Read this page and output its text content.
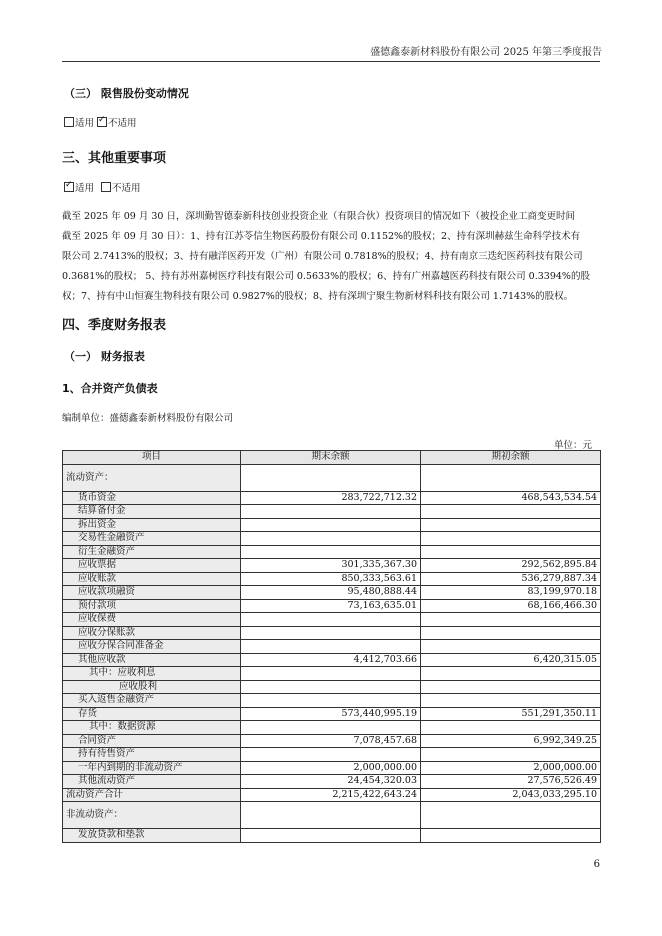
盛德鑫泰新材料股份有限公司 2025 年第三季度报告
（三） 限售股份变动情况
适用 ✓ 不适用
三、其他重要事项
✓
适用 不适用
截至 2025 年 09 月 30 日，深圳勤智德泰新科技创业投资企业（有限合伙）投资项目的情况如下（被投企业工商变更时间
截至 2025 年 09 月 30 日）：1、持有江苏苓信生物医药股份有限公司 0.1152%的股权；2、持有深圳赫兹生命科学技术有
限公司 2.7413%的股权；3、持有融洋医药开发（广州）有限公司 0.7818%的股权；4、持有南京三迭纪医药科技有限公司
0.3681%的股权； 5、持有苏州嘉树医疗科技有限公司 0.5633%的股权；6、持有广州嘉越医药科技有限公司 0.3394%的股
权；7、持有中山恒赛生物科技有限公司 0.9827%的股权；8、持有深圳宁聚生物新材料科技有限公司 1.7143%的股权。
四、季度财务报表
（一） 财务报表
1、合并资产负债表
编制单位：盛德鑫泰新材料股份有限公司
单位：元
项目	期末余额	期初余额
流动资产：		
货币资金	283,722,712.32	468,543,534.54
结算备付金		
拆出资金		
交易性金融资产		
衍生金融资产		
应收票据	301,335,367.30	292,562,895.84
应收账款	850,333,563.61	536,279,887.34
应收款项融资	95,480,888.44	83,199,970.18
预付款项	73,163,635.01	68,166,466.30
应收保费		
应收分保账款		
应收分保合同准备金		
其他应收款	4,412,703.66	6,420,315.05
其中：应收利息		
应收股利		
买入返售金融资产		
存货	573,440,995.19	551,291,350.11
其中：数据资源		
合同资产	7,078,457.68	6,992,349.25
持有待售资产		
一年内到期的非流动资产	2,000,000.00	2,000,000.00
其他流动资产	24,454,320.03	27,576,526.49
流动资产合计	2,215,422,643.24	2,043,033,295.10
非流动资产：		
发放贷款和垫款		
6
